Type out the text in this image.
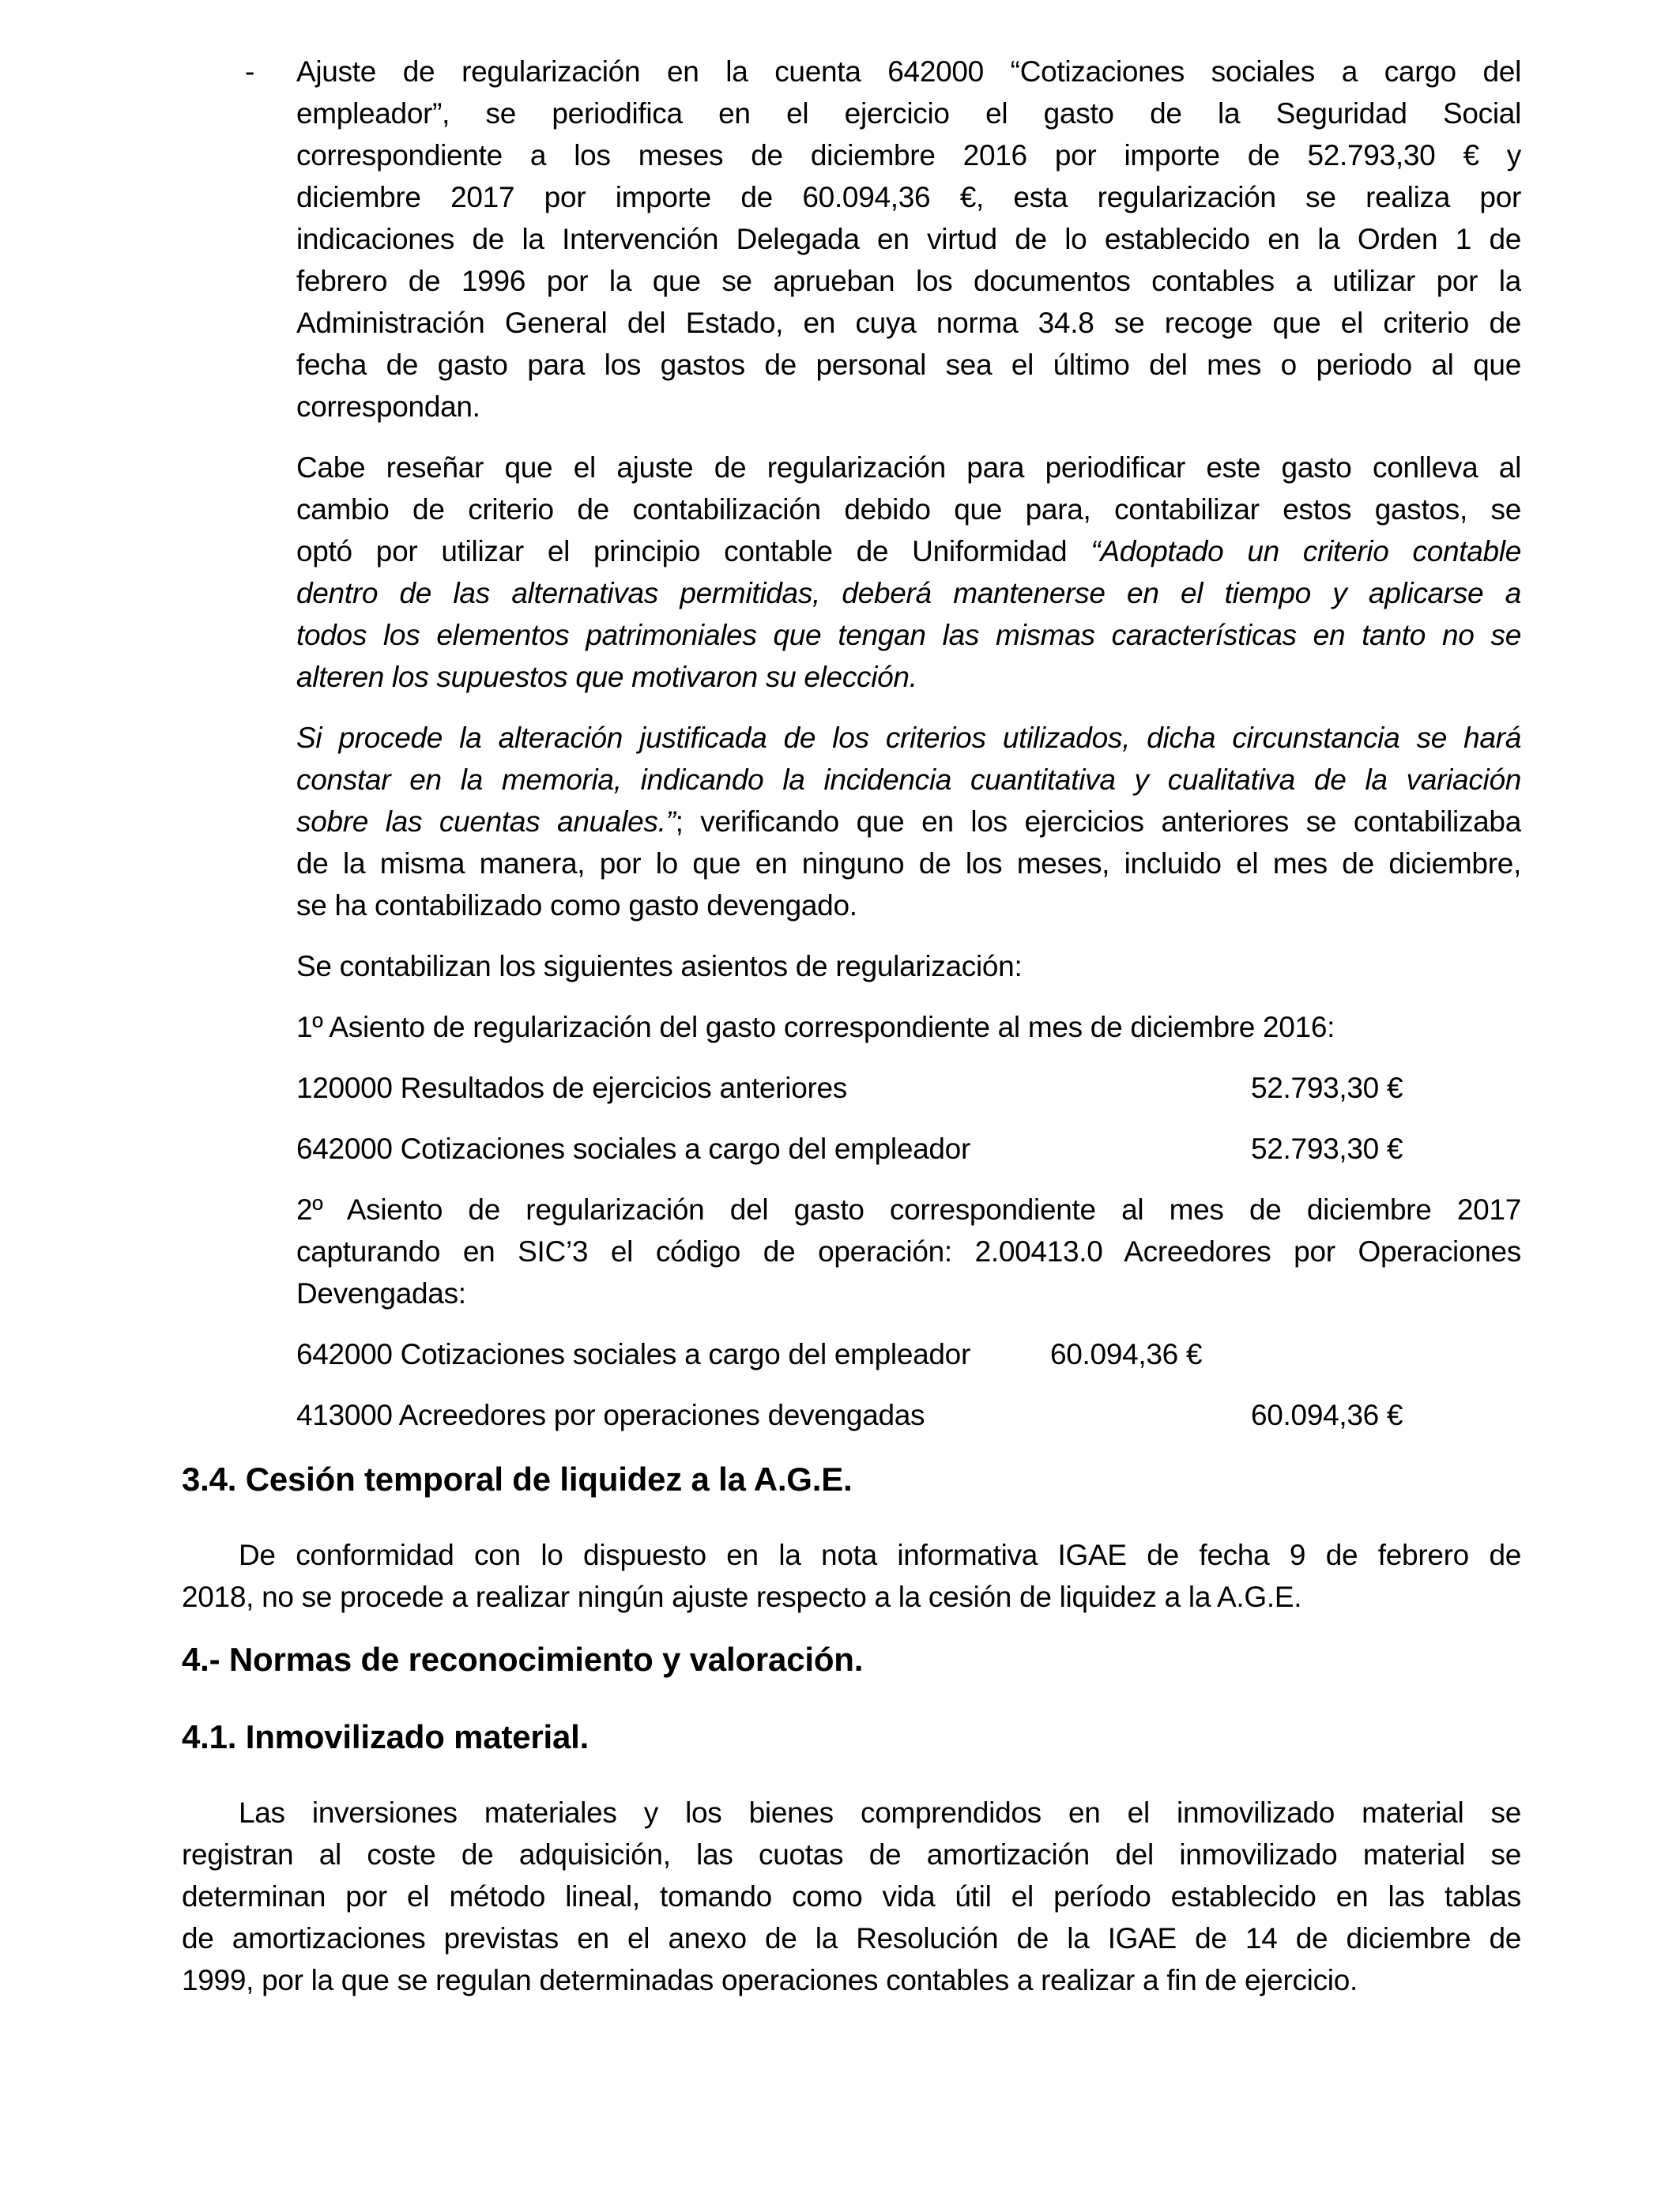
- Ajuste de regularización en la cuenta 642000 “Cotizaciones sociales a cargo del
empleador”, se periodifica en el ejercicio el gasto de la Seguridad Social
correspondiente a los meses de diciembre 2016 por importe de 52.793,30 € y
diciembre 2017 por importe de 60.094,36 €, esta regularización se realiza por
indicaciones de la Intervención Delegada en virtud de lo establecido en la Orden 1 de
febrero de 1996 por la que se aprueban los documentos contables a utilizar por la
Administración General del Estado, en cuya norma 34.8 se recoge que el criterio de
fecha de gasto para los gastos de personal sea el último del mes o periodo al que
correspondan.
Cabe reseñar que el ajuste de regularización para periodificar este gasto conlleva al
cambio de criterio de contabilización debido que para, contabilizar estos gastos, se
optó por utilizar el principio contable de Uniformidad “Adoptado un criterio contable
dentro de las alternativas permitidas, deberá mantenerse en el tiempo y aplicarse a
todos los elementos patrimoniales que tengan las mismas características en tanto no se
alteren los supuestos que motivaron su elección.
Si procede la alteración justificada de los criterios utilizados, dicha circunstancia se hará
constar en la memoria, indicando la incidencia cuantitativa y cualitativa de la variación
sobre las cuentas anuales.”; verificando que en los ejercicios anteriores se contabilizaba
de la misma manera, por lo que en ninguno de los meses, incluido el mes de diciembre,
se ha contabilizado como gasto devengado.
Se contabilizan los siguientes asientos de regularización:
1º Asiento de regularización del gasto correspondiente al mes de diciembre 2016:
120000 Resultados de ejercicios anteriores	52.793,30 €
642000 Cotizaciones sociales a cargo del empleador	52.793,30 €
2º Asiento de regularización del gasto correspondiente al mes de diciembre 2017
capturando en SIC’3 el código de operación: 2.00413.0 Acreedores por Operaciones
Devengadas:
642000 Cotizaciones sociales a cargo del empleador	60.094,36 €
413000 Acreedores por operaciones devengadas	60.094,36 €
3.4. Cesión temporal de liquidez a la A.G.E.
De conformidad con lo dispuesto en la nota informativa IGAE de fecha 9 de febrero de
2018, no se procede a realizar ningún ajuste respecto a la cesión de liquidez a la A.G.E.
4.- Normas de reconocimiento y valoración.
4.1. Inmovilizado material.
Las inversiones materiales y los bienes comprendidos en el inmovilizado material se
registran al coste de adquisición, las cuotas de amortización del inmovilizado material se
determinan por el método lineal, tomando como vida útil el período establecido en las tablas
de amortizaciones previstas en el anexo de la Resolución de la IGAE de 14 de diciembre de
1999, por la que se regulan determinadas operaciones contables a realizar a fin de ejercicio.
